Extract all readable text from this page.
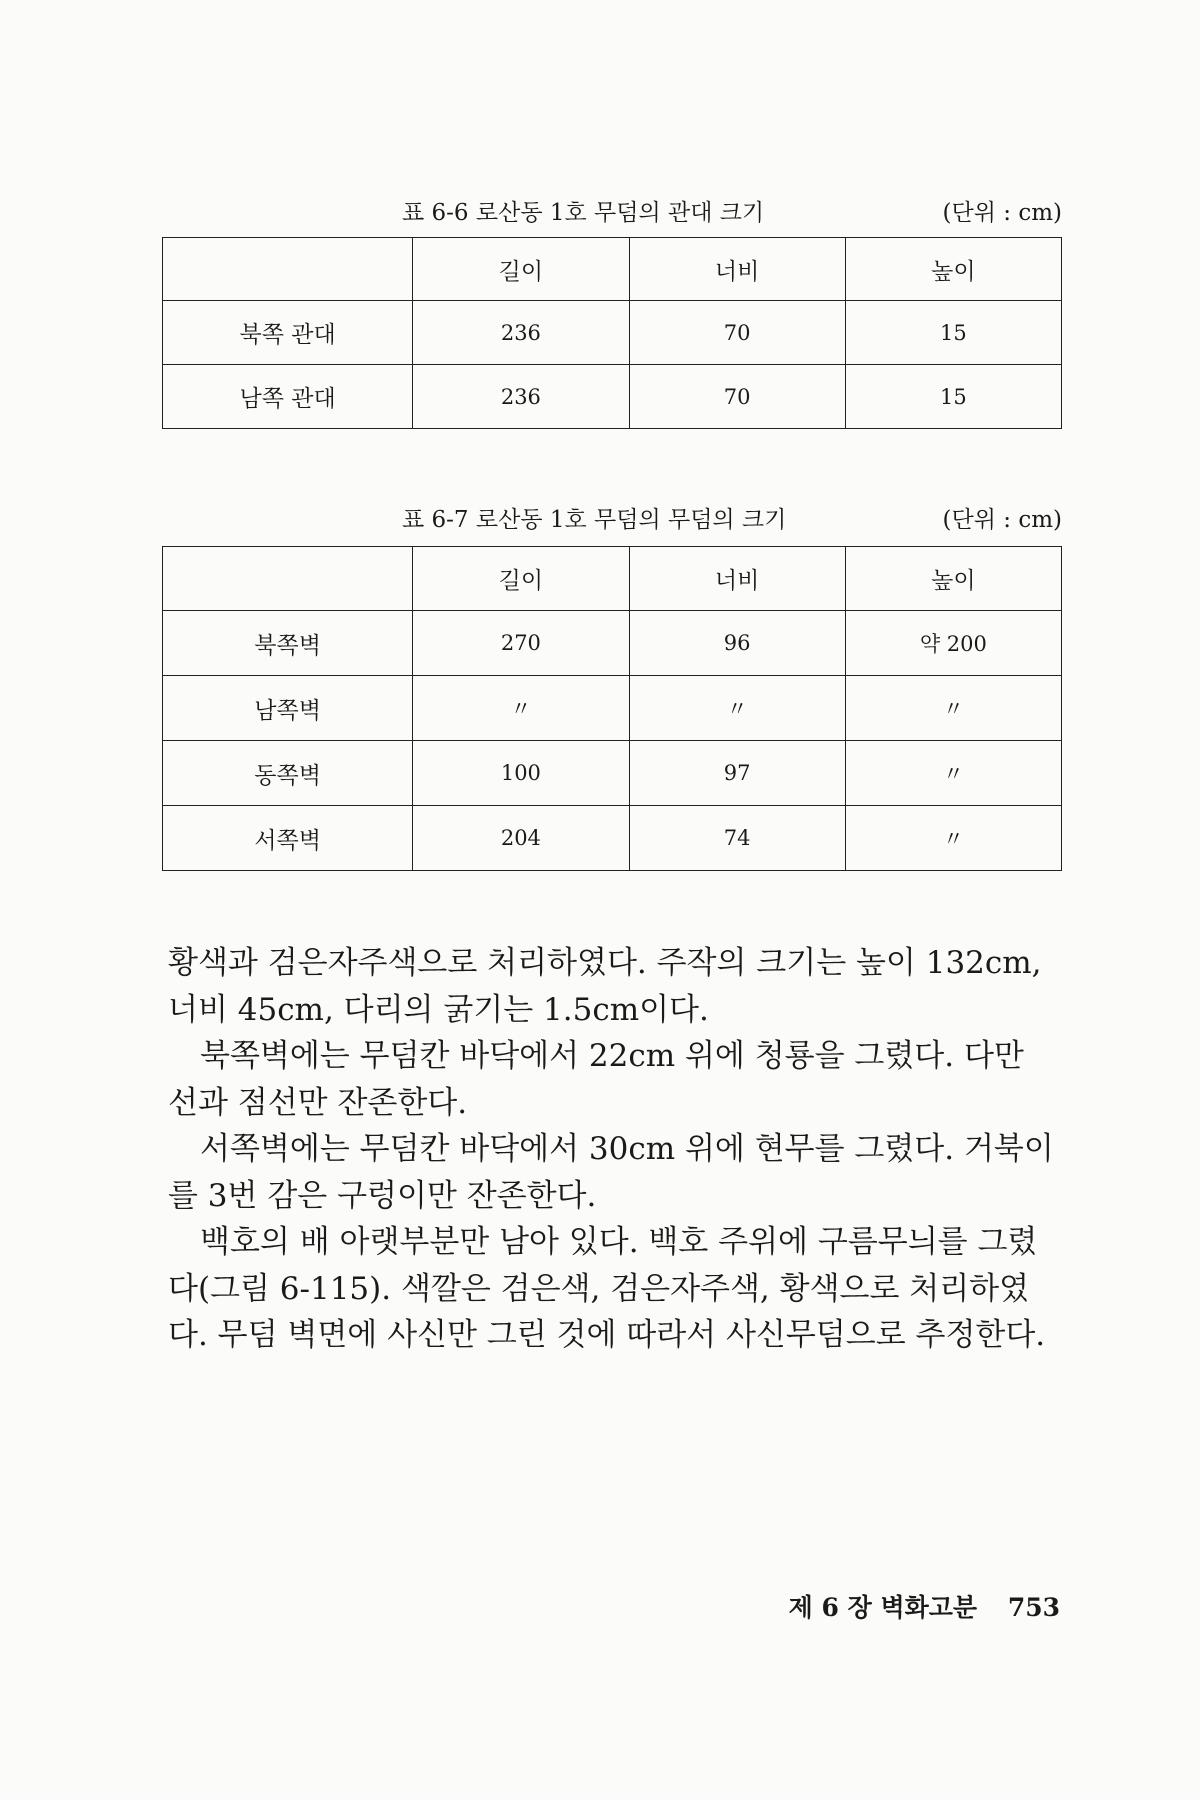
표 6-6 로산동 1호 무덤의 관대 크기	(단위 : cm)
	길이	너비	높이
북쪽 관대	236	70	15
남쪽 관대	236	70	15
표 6-7 로산동 1호 무덤의 무덤의 크기	(단위 : cm)
	길이	너비	높이
북쪽벽	270	96	약 200
남쪽벽	〃	〃	〃
동쪽벽	100	97	〃
서쪽벽	204	74	〃

황색과 검은자주색으로 처리하였다. 주작의 크기는 높이 132cm, 너비 45cm, 다리의 굵기는 1.5cm이다.

북쪽벽에는 무덤칸 바닥에서 22cm 위에 청룡을 그렸다. 다만 선과 점선만 잔존한다.

서쪽벽에는 무덤칸 바닥에서 30cm 위에 현무를 그렸다. 거북이를 3번 감은 구렁이만 잔존한다.

백호의 배 아랫부분만 남아 있다. 백호 주위에 구름무늬를 그렸다(그림 6-115). 색깔은 검은색, 검은자주색, 황색으로 처리하였다. 무덤 벽면에 사신만 그린 것에 따라서 사신무덤으로 추정한다.

제 6 장 벽화고분 753
